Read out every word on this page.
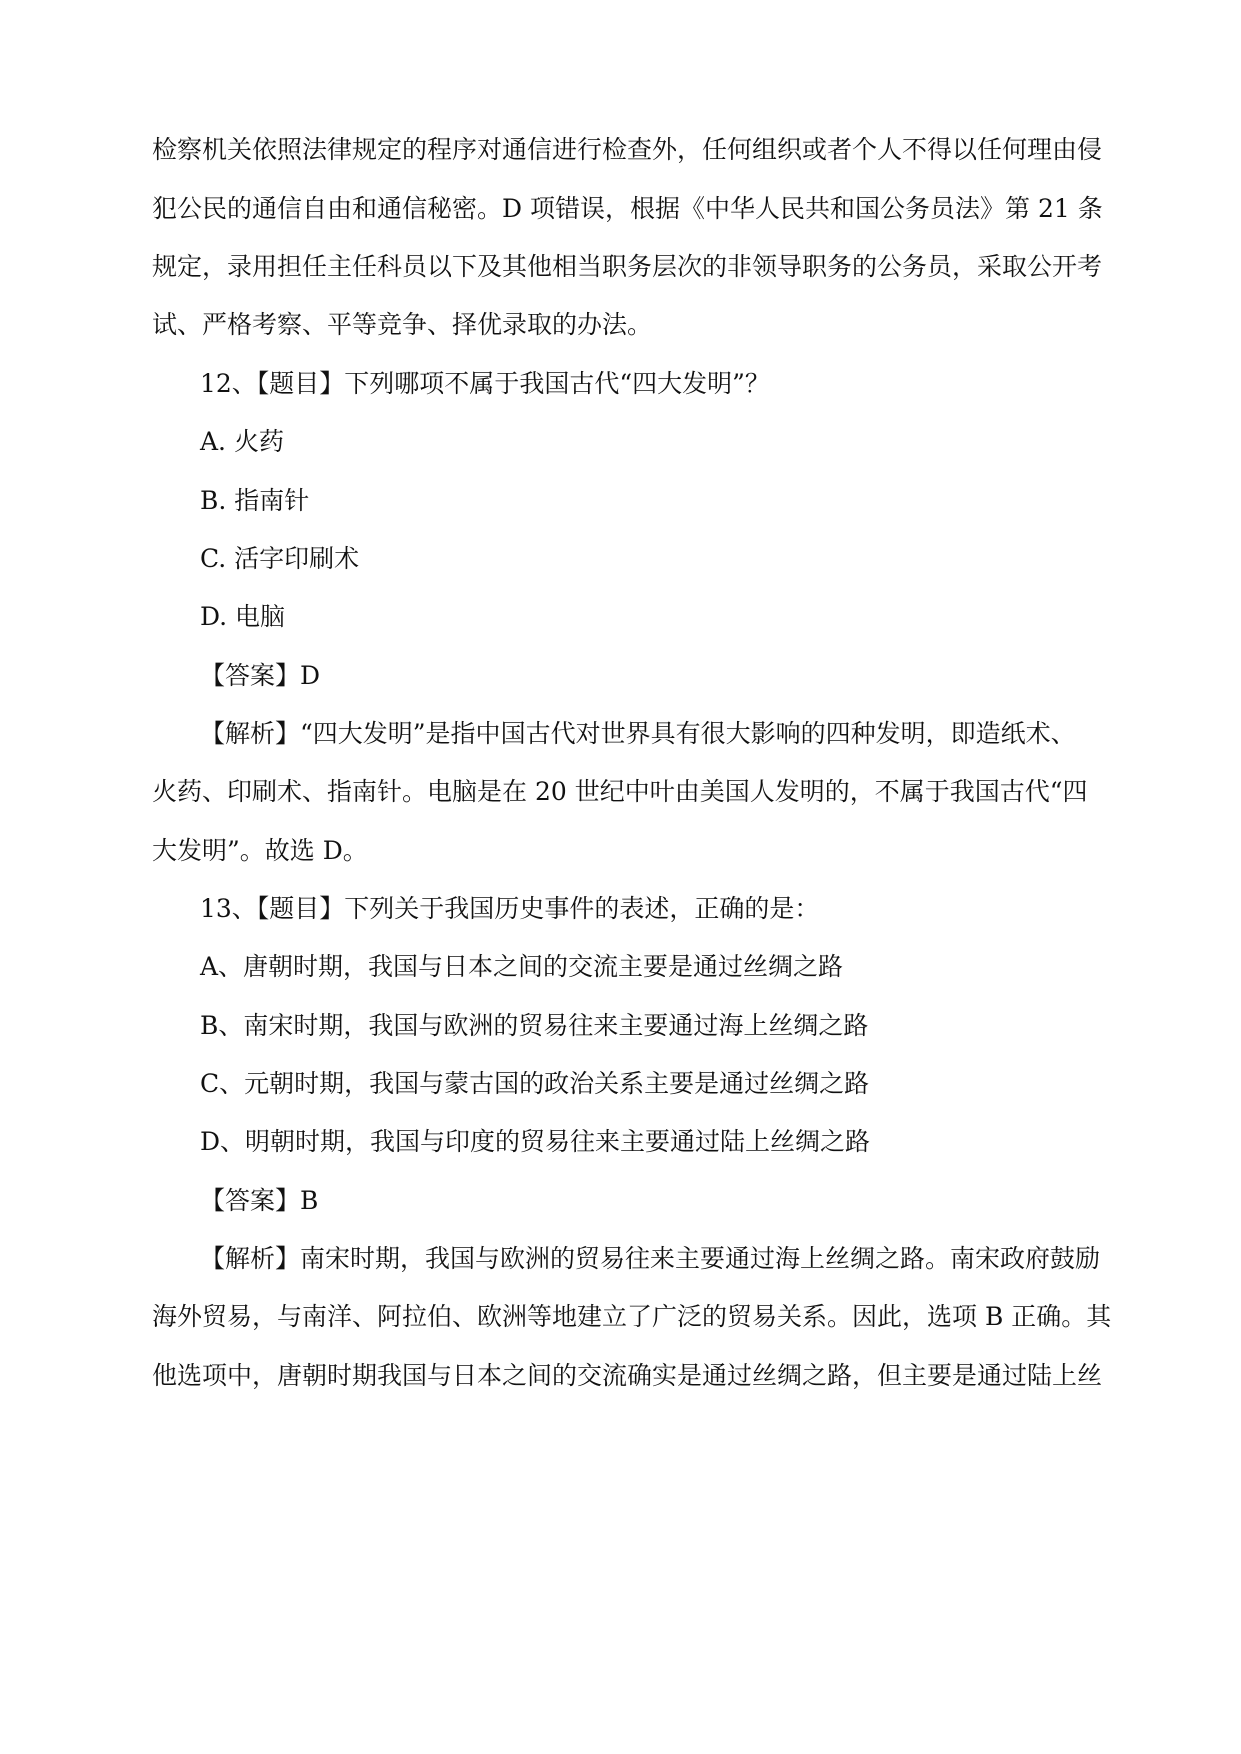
检察机关依照法律规定的程序对通信进行检查外，任何组织或者个人不得以任何理由侵
犯公民的通信自由和通信秘密。D 项错误，根据《中华人民共和国公务员法》第 21 条
规定，录用担任主任科员以下及其他相当职务层次的非领导职务的公务员，采取公开考
试、严格考察、平等竞争、择优录取的办法。
12、【题目】下列哪项不属于我国古代“四大发明”？
A. 火药
B. 指南针
C. 活字印刷术
D. 电脑
【答案】D
【解析】“四大发明”是指中国古代对世界具有很大影响的四种发明，即造纸术、
火药、印刷术、指南针。电脑是在 20 世纪中叶由美国人发明的，不属于我国古代“四
大发明”。故选 D。
13、【题目】下列关于我国历史事件的表述，正确的是：
A、唐朝时期，我国与日本之间的交流主要是通过丝绸之路
B、南宋时期，我国与欧洲的贸易往来主要通过海上丝绸之路
C、元朝时期，我国与蒙古国的政治关系主要是通过丝绸之路
D、明朝时期，我国与印度的贸易往来主要通过陆上丝绸之路
【答案】B
【解析】南宋时期，我国与欧洲的贸易往来主要通过海上丝绸之路。南宋政府鼓励
海外贸易，与南洋、阿拉伯、欧洲等地建立了广泛的贸易关系。因此，选项 B 正确。其
他选项中，唐朝时期我国与日本之间的交流确实是通过丝绸之路，但主要是通过陆上丝
